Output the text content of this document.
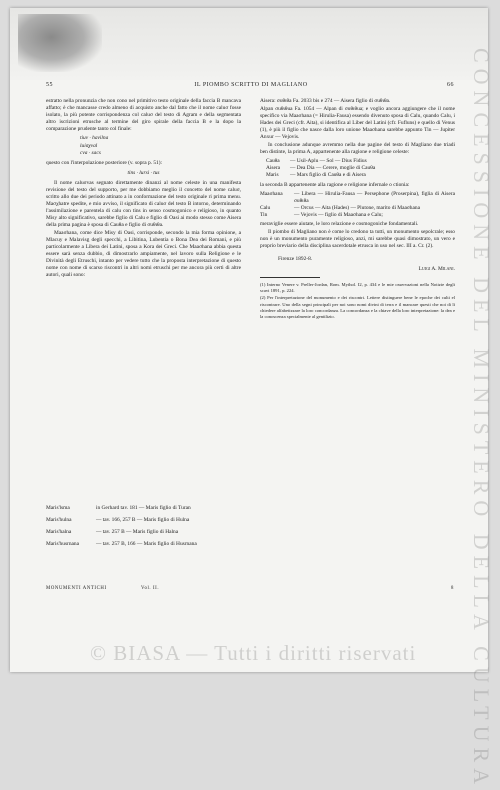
CONCESSIONE DEL MINISTERO DELLA CULTURA
© BIASA — Tutti i diritti riservati
55	IL PIOMBO SCRITTO DI MAGLIANO	66

estratto nella pronunzia che non cono nel primitivo testo originale della faccia B mancava affatto; è che mancasse credo almeno di acquisto anche dal fatto che il nome caluσ fosse isolato, la più potente corrispondenza col caluσ del testo di Agram e della segmentata altro iscrizioni etrusche al termine del giro spirale della faccia B e la dopo la comparazione prudente tanto col finale:

tiuv · havilna
luiσχval
cva · sacs

questo con l'interpolazione posteriore (v. sopra p. 51):

tins · lursi · tus

Il nome caluσvas segnato direttamente dinanzi al nome celeste in una manifesta revisione del testo del supporto, per me dobbiamo meglio il concetto del nome caluσ, scritto allo due dei periodo attinato a in conformazione del testo originale ri prima menu. Maσχhatre spedite, e mio avviso, il significato di caluσ del testo B intorno, determinando l'assimilazione e parentela di calu con tins in senso cosmogonico e religioso, in quanto Misy alto significativo, sarebbe figlio di Calu e figlio di Oasi ai modo stesso come Aisera della prima pagina è sposa di Cauθa e figlio di σuθιθa.

Maaσhana, come dice Misy di Oasi, corrisponde, secondo la mia forma opinione, a Mlacuy e Malavisg degli specchi, a Libitina, Lubentia o Bona Dea dei Romani, e più particolarmente a Libera dei Latini, sposa a Kora dei Greci. Che Maaσhana abbia questa essere sarà senza dubbio, di dimostrarlo ampiamente, nel lavoro sulla Religione e le Divinità degli Etruschi, intanto per vedere tutto che la proposta interpretazione di questo nome con nome di scarso riscontri in altri nomi etruschi per me ancora più certi di altre autori, quali sono:

Maris'lsma	in Gerhard tav. 181 — Maris figlio di Turan
Maris'hulna	— tav. 166, 257 B — Maris figlio di Hulna
Maris'halna	— tav. 257 B — Maris figlio di Halna
Maris'husrnana	— tav. 257 B, 166 — Maris figlio di Husrnana

Aisera: σuθιθa Fa. 2033 bis e 274 — Aisera figlio di σuθιθa.

Alpan σuθιθua Fa. 1054 — Alpan di σuθιθua; e voglio ancora aggiungere che il nome specifico via Maaσhana (= Hirulia-Fausa) essendo divenuto sposa di Calu, quando Calu, i Hades dei Greci (cfr. Aita), si identifica al Liber del Latini (cfr. Fufluns) e quello di Venus (1), è più il figlio che nasce dalla loro unione Maaσhana sarebbe appunto Tin — Jupiter Anxur — Vejovis.

In conclusione adunque avremmo nella due pagine del testo di Magliano due triadi ben distinte, la prima A, appartenente alla ragione e religione celeste:

Cauθa	— Usil-Aplu — Sol — Dius Fidius
Aisera	— Dea Dia — Cerere, moglie di Cauθa
Maris	— Mars figlio di Cauθa e di Aisera

la seconda B appartenente alla ragione e religione infernale o ctionia:

Maaσhana	— Libera — Hirulia-Fausa — Persephone (Proserpina), figlia di Aisera σuθιθa
Calu	— Orcus — Aita (Hades) — Plutone, marito di Maaσhana
Tin	— Vejovis — figlio di Maaσhana e Calu;

meraviglie essere aiutate, le loro relazione e cosmogoniche fondamentali.

Il piombo di Magliano non è come lo credono ta tutti, un monumento sepolcrale; esso non è un monumento puramente religioso, anzi, mi sarebbe quasi dimostrato, un vero e proprio breviario della disciplina sacerdotale etrusca in uso nel sec. III a. Cr. (2).

Firenze 1892-8.
Luigi A. Milani.

(1) Interno Venere v. Preller-Jordan, Rom. Mythol. I2, p. 434 e le mie osservazioni nella Notizie degli scavi 1891, p. 224.

(2) Per l'interpretazione del monumento e dei riscontri. Lettere distinguere bene le epoche dei culti el riscontrare. Uno della segni principali per noi sono nomi divini di terra e il mancare questi che noi di lì chiedere alfabetizzare la loro concordanza. La concordanza e la chiave della loro interpretazione: la dea e la conoscenza specialmente al gentilizio.

MONUMENTI ANTICHI	Vol. II.	8
